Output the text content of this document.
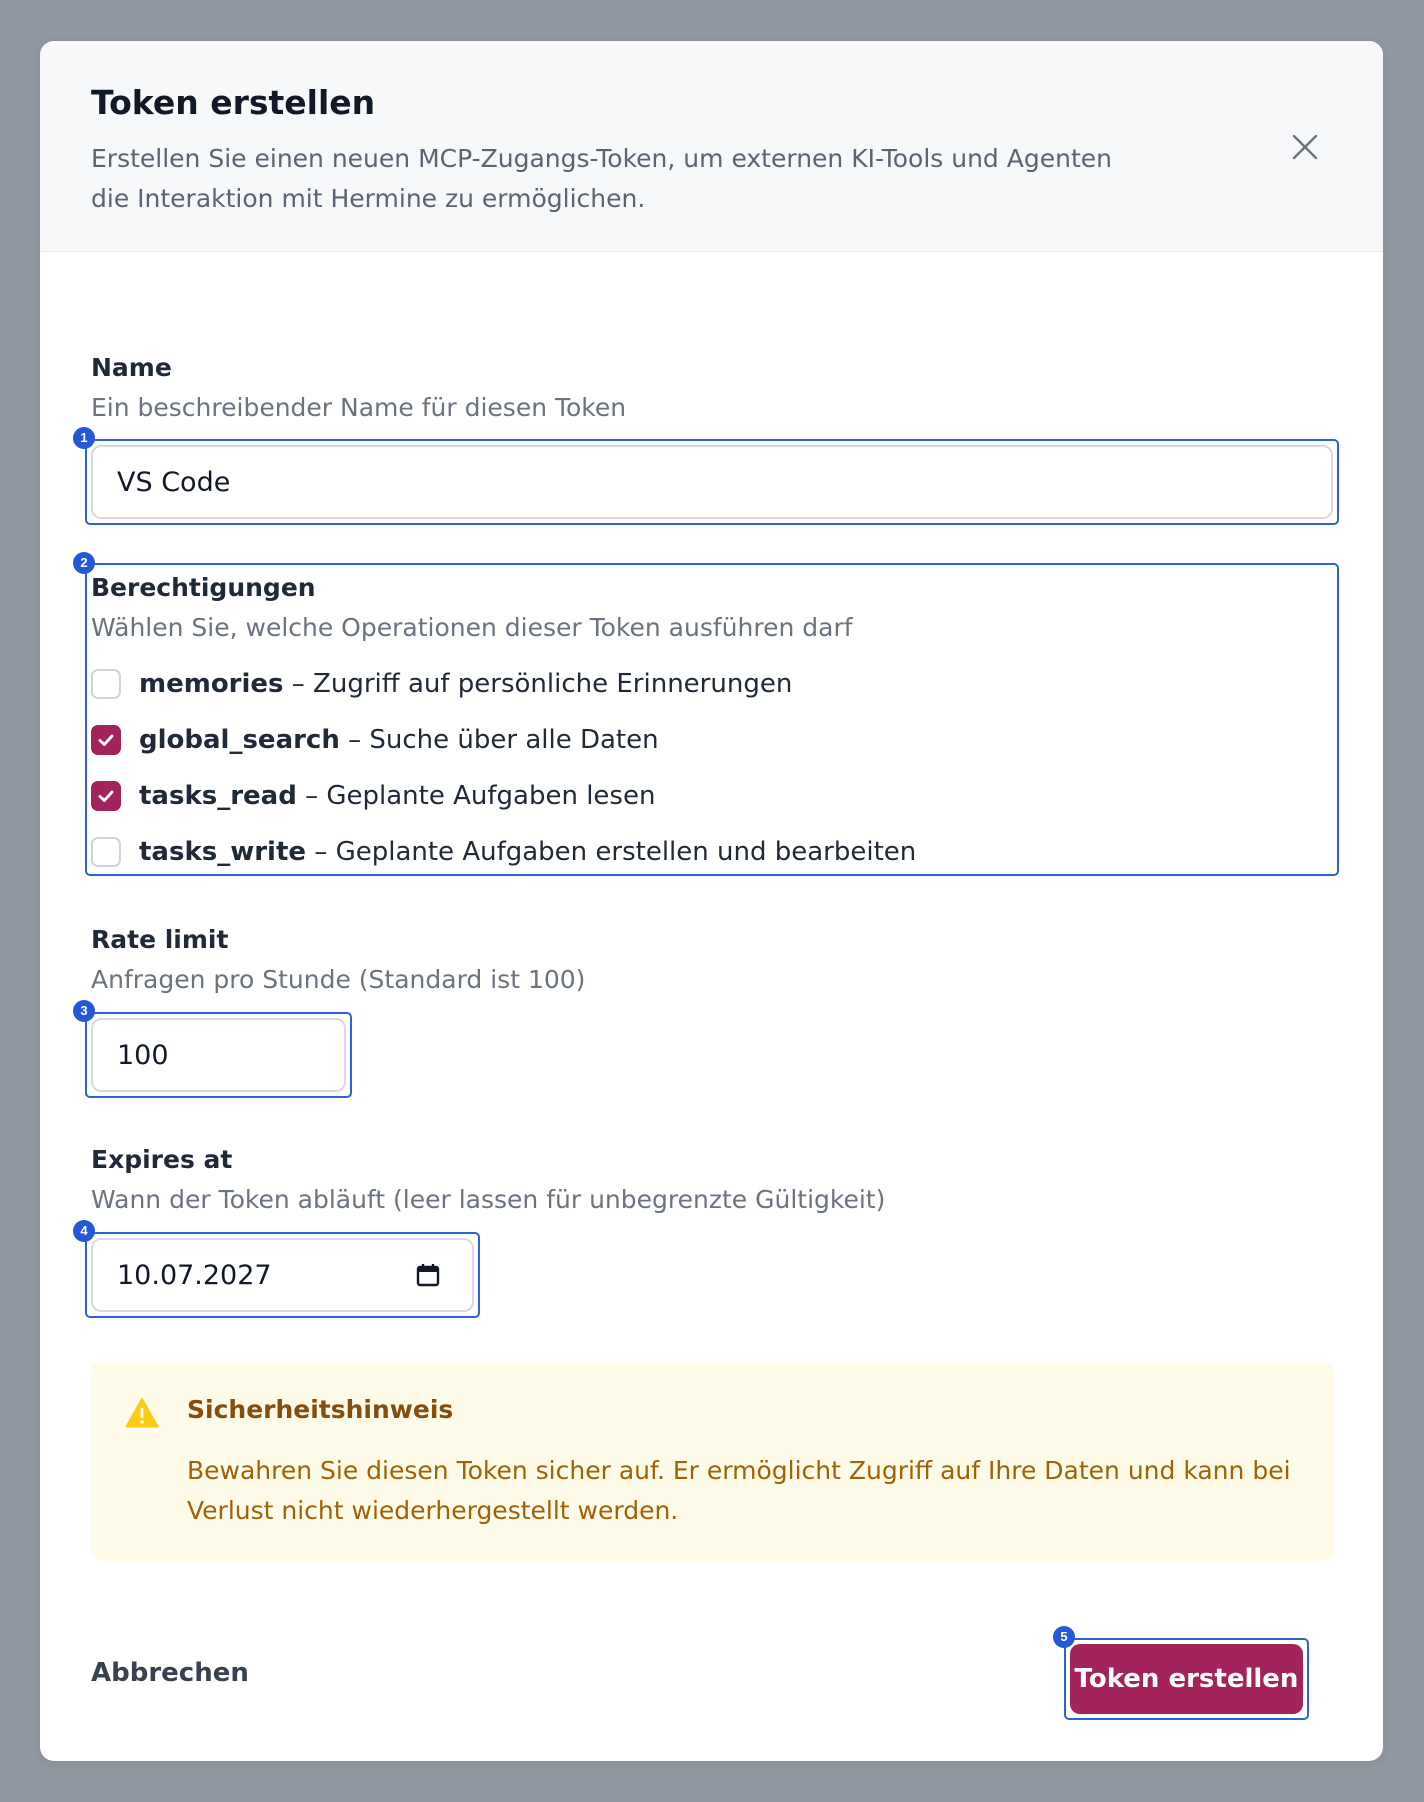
Token erstellen
Erstellen Sie einen neuen MCP-Zugangs-Token, um externen KI-Tools und Agenten die Interaktion mit Hermine zu ermöglichen.
Name
Ein beschreibender Name für diesen Token
1
VS Code
2
Berechtigungen
Wählen Sie, welche Operationen dieser Token ausführen darf
memories – Zugriff auf persönliche Erinnerungen
global_search – Suche über alle Daten
tasks_read – Geplante Aufgaben lesen
tasks_write – Geplante Aufgaben erstellen und bearbeiten
Rate limit
Anfragen pro Stunde (Standard ist 100)
3
100
Expires at
Wann der Token abläuft (leer lassen für unbegrenzte Gültigkeit)
4
10.07.2027
Sicherheitshinweis
Bewahren Sie diesen Token sicher auf. Er ermöglicht Zugriff auf Ihre Daten und kann bei Verlust nicht wiederhergestellt werden.
Abbrechen
5
Token erstellen
